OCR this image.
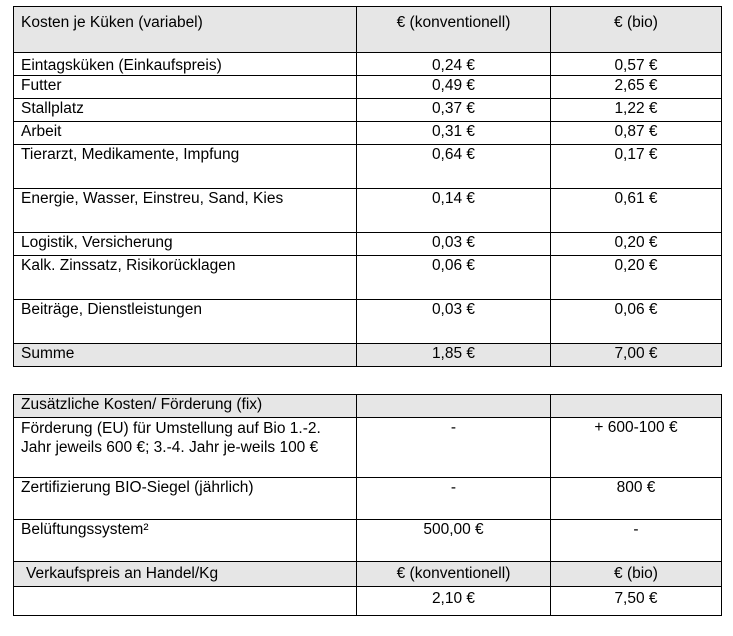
Kosten je Küken (variabel)	€ (konventionell)	€ (bio)
Eintagsküken (Einkaufspreis)	0,24 €	0,57 €
Futter	0,49 €	2,65 €
Stallplatz	0,37 €	1,22 €
Arbeit	0,31 €	0,87 €
Tierarzt, Medikamente, Impfung	0,64 €	0,17 €
Energie, Wasser, Einstreu, Sand, Kies	0,14 €	0,61 €
Logistik, Versicherung	0,03 €	0,20 €
Kalk. Zinssatz, Risikorücklagen	0,06 €	0,20 €
Beiträge, Dienstleistungen	0,03 €	0,06 €
Summe	1,85 €	7,00 €
Zusätzliche Kosten/ Förderung (fix)		
Förderung (EU) für Umstellung auf Bio 1.-2. Jahr jeweils 600 €; 3.-4. Jahr je-weils 100 €	-	+ 600-100 €
Zertifizierung BIO-Siegel (jährlich)	-	800 €
Belüftungssystem²	500,00 €	-
Verkaufspreis an Handel/Kg	€ (konventionell)	€ (bio)
	2,10 €	7,50 €
